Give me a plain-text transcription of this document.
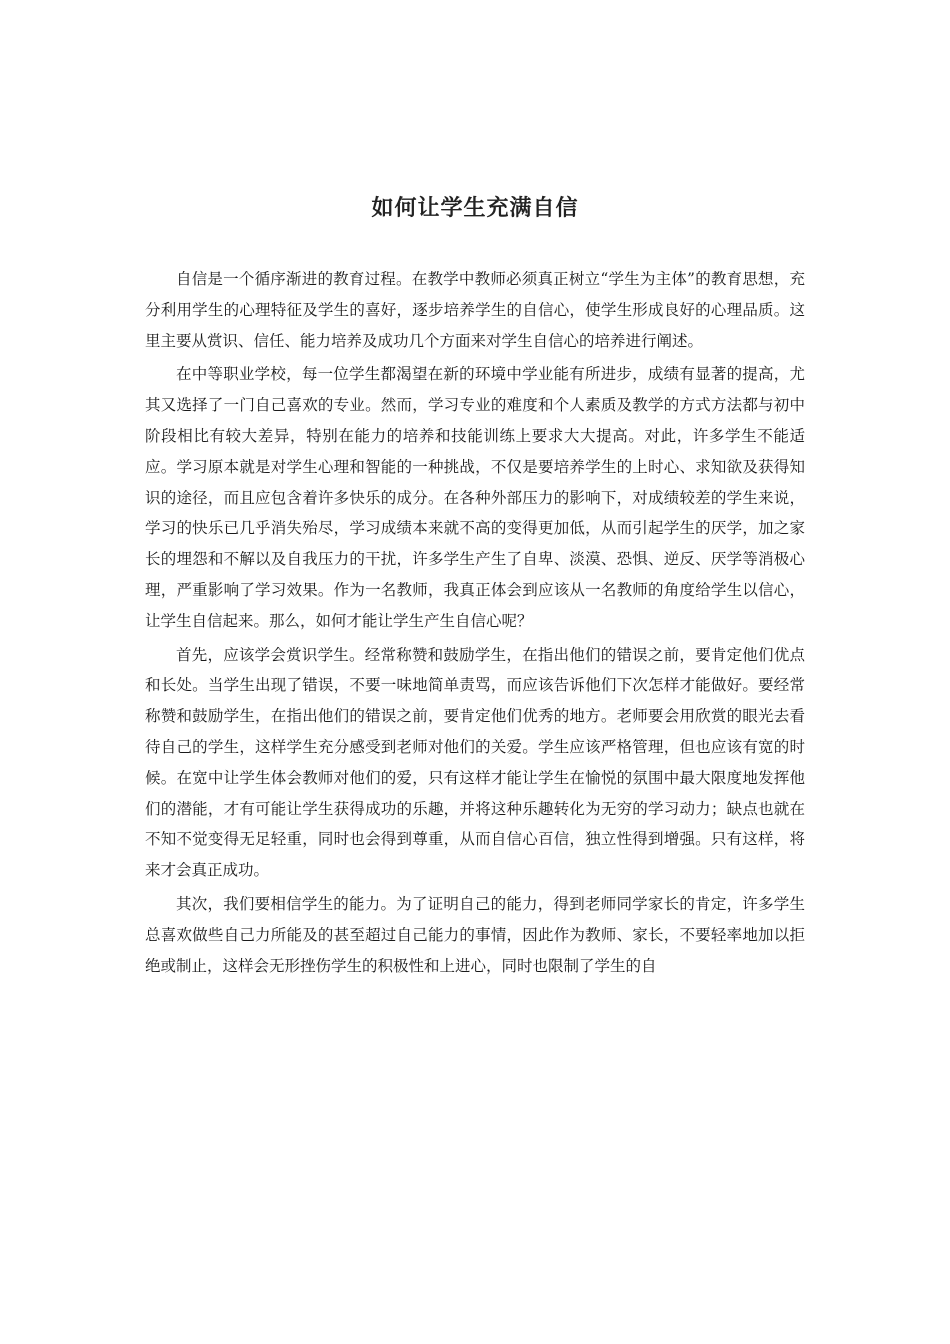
如何让学生充满自信

自信是一个循序渐进的教育过程。在教学中教师必须真正树立“学生为主体”的教育思想，充分利用学生的心理特征及学生的喜好，逐步培养学生的自信心，使学生形成良好的心理品质。这里主要从赏识、信任、能力培养及成功几个方面来对学生自信心的培养进行阐述。

在中等职业学校，每一位学生都渴望在新的环境中学业能有所进步，成绩有显著的提高，尤其又选择了一门自己喜欢的专业。然而，学习专业的难度和个人素质及教学的方式方法都与初中阶段相比有较大差异，特别在能力的培养和技能训练上要求大大提高。对此，许多学生不能适应。学习原本就是对学生心理和智能的一种挑战，不仅是要培养学生的上时心、求知欲及获得知识的途径，而且应包含着许多快乐的成分。在各种外部压力的影响下，对成绩较差的学生来说，学习的快乐已几乎消失殆尽，学习成绩本来就不高的变得更加低，从而引起学生的厌学，加之家长的埋怨和不解以及自我压力的干扰，许多学生产生了自卑、淡漠、恐惧、逆反、厌学等消极心理，严重影响了学习效果。作为一名教师，我真正体会到应该从一名教师的角度给学生以信心，让学生自信起来。那么，如何才能让学生产生自信心呢？

首先，应该学会赏识学生。经常称赞和鼓励学生，在指出他们的错误之前，要肯定他们优点和长处。当学生出现了错误，不要一味地简单责骂，而应该告诉他们下次怎样才能做好。要经常称赞和鼓励学生，在指出他们的错误之前，要肯定他们优秀的地方。老师要会用欣赏的眼光去看待自己的学生，这样学生充分感受到老师对他们的关爱。学生应该严格管理，但也应该有宽的时候。在宽中让学生体会教师对他们的爱，只有这样才能让学生在愉悦的氛围中最大限度地发挥他们的潜能，才有可能让学生获得成功的乐趣，并将这种乐趣转化为无穷的学习动力；缺点也就在不知不觉变得无足轻重，同时也会得到尊重，从而自信心百信，独立性得到增强。只有这样，将来才会真正成功。

其次，我们要相信学生的能力。为了证明自己的能力，得到老师同学家长的肯定，许多学生总喜欢做些自己力所能及的甚至超过自己能力的事情，因此作为教师、家长，不要轻率地加以拒绝或制止，这样会无形挫伤学生的积极性和上进心，同时也限制了学生的自
